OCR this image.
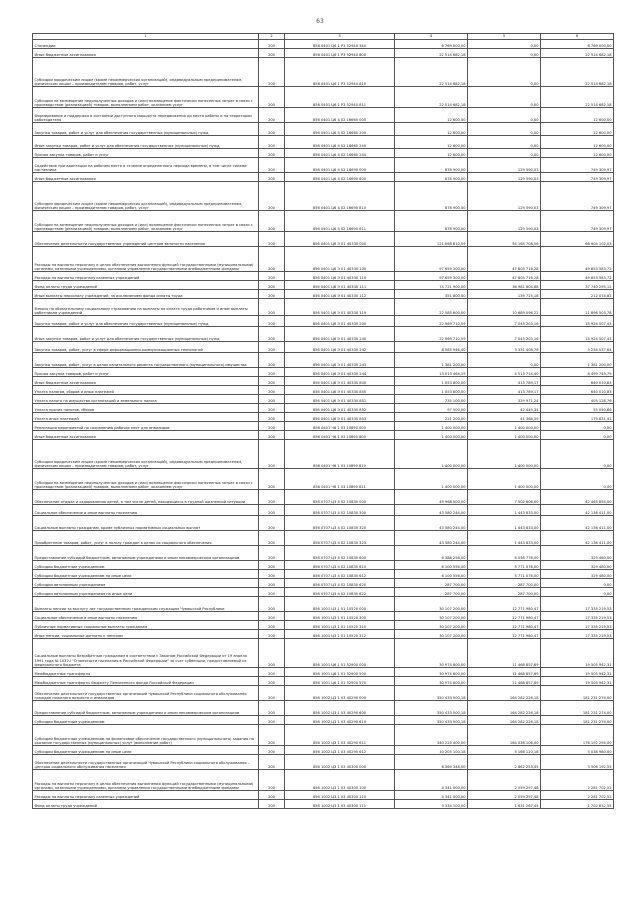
63
1	2	3	4	5	6
Стипендии	200	856 0401 Ц6 1 P3 52940 340	6 769 000,00	0,00	6 769 000,00
Иные бюджетные ассигнования	200	856 0401 Ц6 1 P3 52940 800	22 514 682,18	0,00	22 514 682,18
Субсидии юридическим лицам (кроме некоммерческих организаций), индивидуальным предпринимателям, физическим лицам – производителям товаров, работ, услуг	200	856 0401 Ц6 1 P3 52940 810	22 514 682,18	0,00	22 514 682,18
Субсидии на возмещение недополученных доходов и (или) возмещение фактически понесенных затрат в связи с производством (реализацией) товаров, выполнением работ, оказанием услуг	200	856 0401 Ц6 1 P3 52940 811	22 514 682,18	0,00	22 514 682,18
Формирование и поддержка в состоянии доступного маршрута передвижения до места работы и на территории работодателя	200	856 0401 Ц6 4 02 16660 000	12 600,00	0,00	12 600,00
Закупка товаров, работ и услуг для обеспечения государственных (муниципальных) нужд	200	856 0401 Ц6 4 02 16660 200	12 600,00	0,00	12 600,00
Иные закупки товаров, работ и услуг для обеспечения государственных (муниципальных) нужд	200	856 0401 Ц6 4 02 16660 240	12 600,00	0,00	12 600,00
Прочая закупка товаров, работ и услуг	200	856 0401 Ц6 4 02 16660 244	12 600,00	0,00	12 600,00
Содействие при адаптации на рабочем месте в течение определенного периода времени, в том числе силами наставника	200	856 0401 Ц6 4 02 16690 000	878 900,00	129 590,03	749 309,97
Иные бюджетные ассигнования	200	856 0401 Ц6 4 02 16690 800	878 900,00	129 590,03	749 309,97
Субсидии юридическим лицам (кроме некоммерческих организаций), индивидуальным предпринимателям, физическим лицам – производителям товаров, работ, услуг	200	856 0401 Ц6 4 02 16690 810	878 900,00	129 590,03	749 309,97
Субсидии на возмещение недополученных доходов и (или) возмещение фактически понесенных затрат в связи с производством (реализацией) товаров, выполнением работ, оказанием услуг	200	856 0401 Ц6 4 02 16690 811	878 900,00	129 590,03	749 309,97
Обеспечение деятельности государственных учреждений центров занятости населения	200	856 0401 Ц6 Э 01 40330 000	121 068 810,59	54 164 708,56	66 904 102,03
Расходы на выплаты персоналу в целях обеспечения выполнения функций государственными (муниципальными) органами, казенными учреждениями, органами управления государственными внебюджетными фондами	200	856 0401 Ц6 Э 01 40330 100	97 659 300,00	47 805 716,28	49 853 583,72
Расходы на выплаты персоналу казенных учреждений	200	856 0401 Ц6 Э 01 40330 110	97 659 300,00	47 805 716,28	49 853 583,72
Фонд оплаты труда учреждений	200	856 0401 Ц6 Э 01 40330 111	74 721 900,00	36 981 604,88	37 740 295,12
Иные выплаты персоналу учреждений, за исключением фонда оплаты труда	200	856 0401 Ц6 Э 01 40330 112	351 800,00	139 725,18	212 074,82
Взносы по обязательному социальному страхованию на выплаты по оплате труда работников и иные выплаты работникам учреждений	200	856 0401 Ц6 Э 01 40330 119	22 585 600,00	10 689 096,22	11 896 503,78
Закупка товаров, работ и услуг для обеспечения государственных (муниципальных) нужд	200	856 0401 Ц6 Э 01 40330 200	22 969 710,59	7 045 203,16	15 924 507,43
Иные закупки товаров, работ и услуг для обеспечения государственных (муниципальных) нужд	200	856 0401 Ц6 Э 01 40330 240	22 969 710,59	7 045 203,16	15 924 507,43
Закупка товаров, работ, услуг в сфере информационно-коммуникационных технологий	200	856 0401 Ц6 Э 01 40330 242	8 565 946,40	3 331 408,76	5 234 537,64
Закупка товаров, работ, услуг в целях капитального ремонта государственного (муниципального) имущества	200	856 0401 Ц6 Э 01 40330 243	1 381 200,00	0,00	1 381 200,00
Прочая закупка товаров, работ и услуг	200	856 0401 Ц6 Э 01 40330 244	13 013 464,19	4 513 714,40	8 499 749,79
Иные бюджетные ассигнования	200	856 0401 Ц6 Э 01 40330 800	1 053 800,00	413 789,17	640 010,83
Уплата налогов, сборов и иных платежей	200	856 0401 Ц6 Э 01 40330 850	1 053 800,00	413 789,17	640 010,83
Уплата налога на имущество организаций и земельного налога	200	856 0401 Ц6 Э 01 40330 851	735 100,00	329 971,24	405 128,76
Уплата прочих налогов, сборов	200	856 0401 Ц6 Э 01 40330 852	97 500,00	42 449,34	55 050,66
Уплата иных платежей	200	856 0401 Ц6 Э 01 40330 853	221 200,00	41 368,59	179 831,41
Реализация мероприятий по сохранению рабочих мест для инвалидов	200	856 0401 Ч6 1 03 10890 000	1 400 000,00	1 400 000,00	0,00
Иные бюджетные ассигнования	200	856 0401 Ч6 1 03 10890 800	1 400 000,00	1 400 000,00	0,00
Субсидии юридическим лицам (кроме некоммерческих организаций), индивидуальным предпринимателям, физическим лицам – производителям товаров, работ, услуг	200	856 0401 Ч6 1 03 10890 810	1 400 000,00	1 400 000,00	0,00
Субсидии на возмещение недополученных доходов и (или) возмещение фактически понесенных затрат в связи с производством (реализацией) товаров, выполнением работ, оказанием услуг	200	856 0401 Ч6 1 03 10890 811	1 400 000,00	1 400 000,00	0,00
Обеспечение отдыха и оздоровления детей, в том числе детей, находящихся в трудной жизненной ситуации	200	856 0707 Ц3 4 02 10830 000	49 968 500,00	7 502 606,00	42 465 894,00
Социальное обеспечение и иные выплаты населению	200	856 0707 Ц3 4 02 10830 300	43 580 244,00	1 443 833,00	42 136 411,00
Социальные выплаты гражданам, кроме публичных нормативных социальных выплат	200	856 0707 Ц3 4 02 10830 320	43 580 244,00	1 443 833,00	42 136 411,00
Приобретение товаров, работ, услуг в пользу граждан в целях их социального обеспечения	200	856 0707 Ц3 4 02 10830 323	43 580 244,00	1 443 833,00	42 136 411,00
Предоставление субсидий бюджетным, автономным учреждениям и иным некоммерческим организациям	200	856 0707 Ц3 4 02 10830 600	6 388 256,00	6 058 776,00	329 480,00
Субсидии бюджетным учреждениям	200	856 0707 Ц3 4 02 10830 610	6 100 556,00	5 771 076,00	329 480,00
Субсидии бюджетным учреждениям на иные цели	200	856 0707 Ц3 4 02 10830 612	6 100 556,00	5 771 076,00	329 480,00
Субсидии автономным учреждениям	200	856 0707 Ц3 4 02 10830 620	287 700,00	287 700,00	0,00
Субсидии автономным учреждениям на иные цели	200	856 0707 Ц3 4 02 10830 622	287 700,00	287 700,00	0,00
Выплаты пенсии за выслугу лет государственным гражданским служащим Чувашской Республики	200	856 1001 Ц3 1 01 10520 000	30 107 200,00	12 771 980,47	17 335 219,53
Социальное обеспечение и иные выплаты населению	200	856 1001 Ц3 1 01 10520 300	30 107 200,00	12 771 980,47	17 335 219,53
Публичные нормативные социальные выплаты гражданам	200	856 1001 Ц3 1 01 10520 310	30 107 200,00	12 771 980,47	17 335 219,53
Иные пенсии, социальные доплаты к пенсиям	200	856 1001 Ц3 1 01 10520 312	30 107 200,00	12 771 980,47	17 335 219,53
Социальные выплаты безработным гражданам в соответствии с Законом Российской Федерации от 19 апреля 1991 года № 1032-I "О занятости населения в Российской Федерации" за счет субвенции, предоставляемой из федерального бюджета	200	856 1001 Ц6 1 01 52900 000	30 974 800,00	11 468 857,69	19 505 942,31
Межбюджетные трансферты	200	856 1001 Ц6 1 01 52900 500	30 974 800,00	11 468 857,69	19 505 942,31
Межбюджетные трансферты бюджету Пенсионного фонда Российской Федерации	200	856 1001 Ц6 1 01 52900 570	30 974 800,00	11 468 857,69	19 505 942,31
Обеспечение деятельности государственных организаций Чувашской Республики социального обслуживания граждан пожилого возраста и инвалидов	200	856 1002 Ц3 1 03 40290 000	350 433 500,18	164 282 226,18	181 231 274,00
Предоставление субсидий бюджетным, автономным учреждениям и иным некоммерческим организациям	200	856 1002 Ц3 1 03 40290 600	350 433 500,18	164 282 226,18	181 231 274,00
Субсидии бюджетным учреждениям	200	856 1002 Ц3 1 03 40290 610	350 433 500,18	164 282 226,18	181 231 274,00
Субсидии бюджетным учреждениям на финансовое обеспечение государственного (муниципального) задания на оказание государственных (муниципальных) услуг (выполнение работ)	200	856 1002 Ц3 1 03 40290 611	340 225 400,00	164 036 106,00	176 192 294,00
Субсидии бюджетным учреждениям на иные цели	200	856 1002 Ц3 1 03 40290 612	10 205 100,18	5 166 120,18	5 038 980,00
Обеспечение деятельности государственных организаций Чувашской Республики социального обслуживания – центров социального обслуживания населения	200	856 1002 Ц3 1 03 40300 000	6 369 348,00	2 862 253,45	3 506 192,55
Расходы на выплаты персоналу в целях обеспечения выполнения функций государственными (муниципальными) органами, казенными учреждениями, органами управления государственными внебюджетными фондами	200	856 1002 Ц3 1 03 40300 100	4 341 000,00	2 059 297,48	2 281 702,52
Расходы на выплаты персоналу казенных учреждений	200	856 1002 Ц3 1 03 40300 110	4 341 000,00	2 059 297,48	2 281 702,52
Фонд оплаты труда учреждений	200	856 1002 Ц3 1 03 40300 111	3 334 100,00	1 631 267,45	1 702 832,55
